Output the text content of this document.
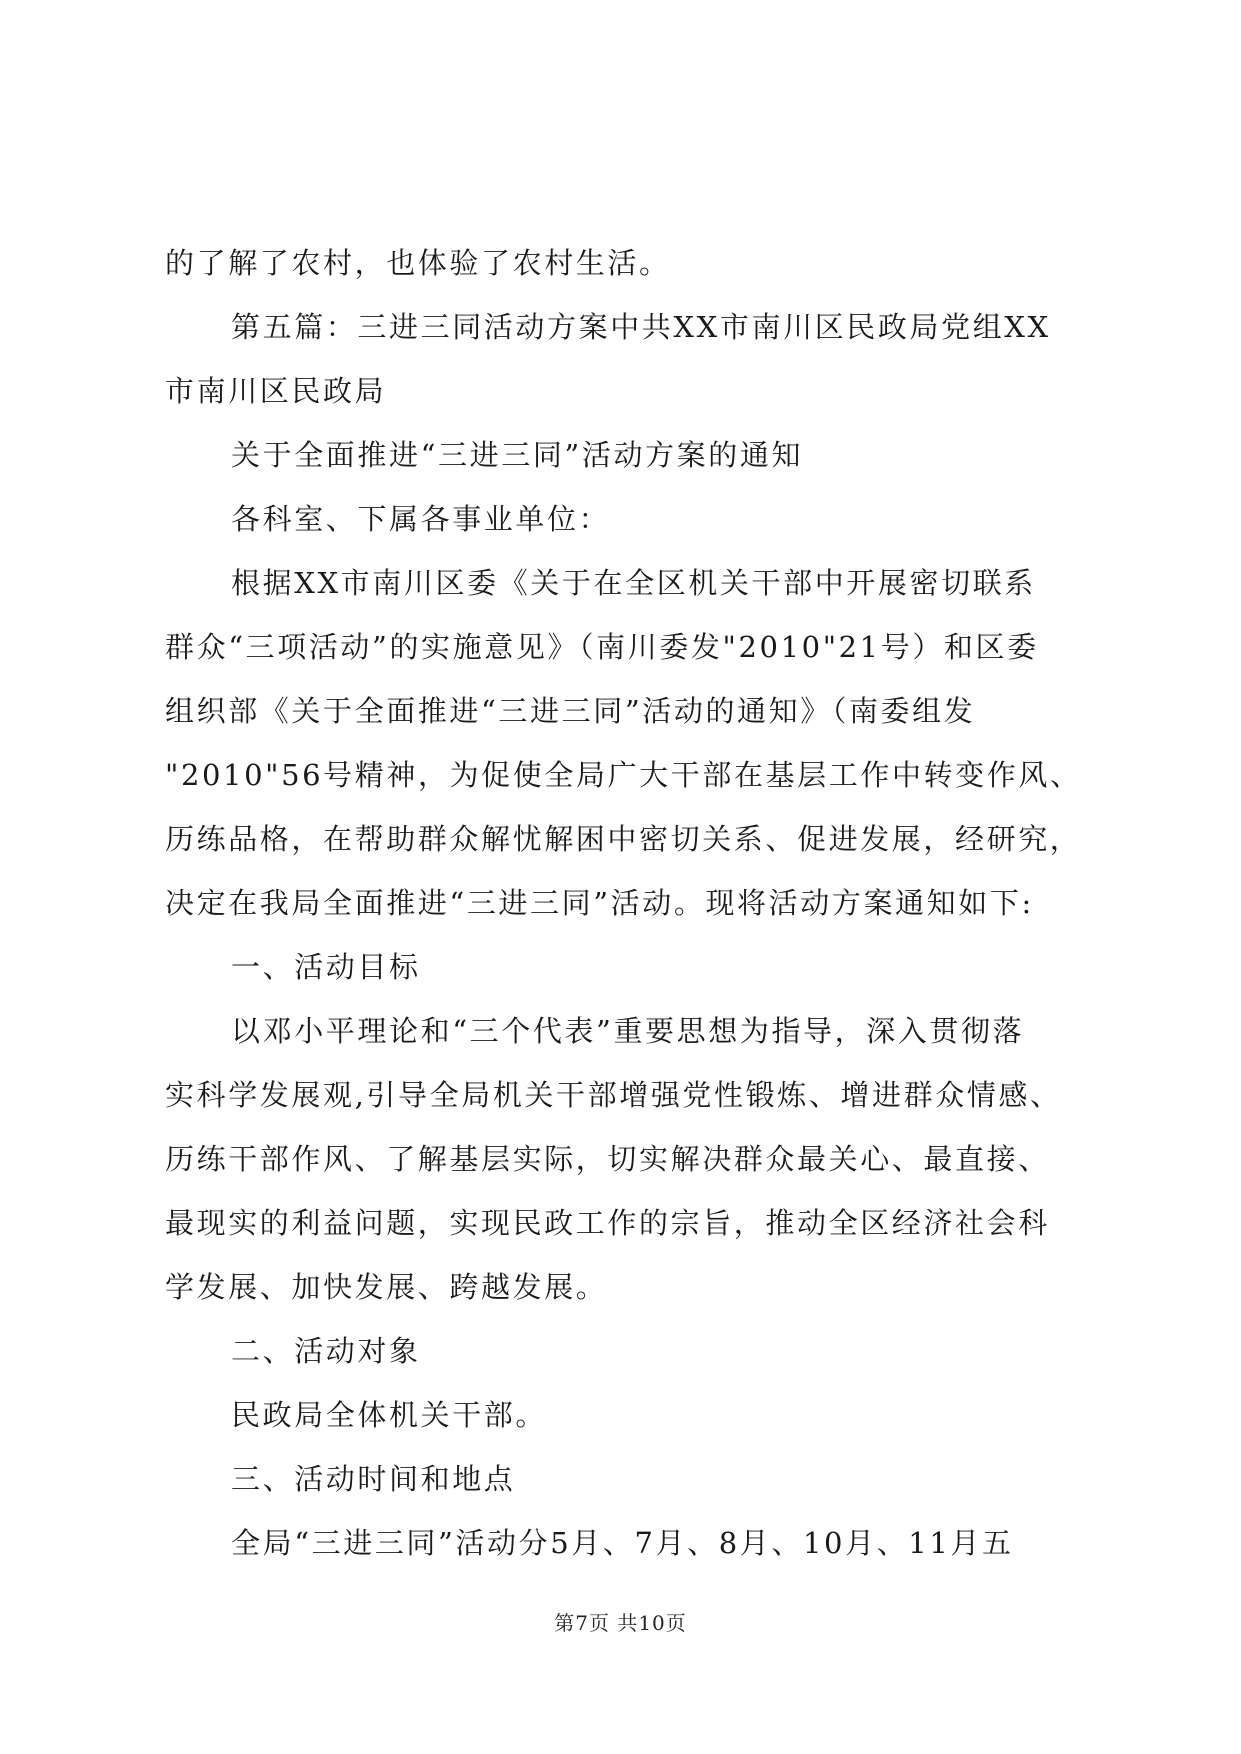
的了解了农村，也体验了农村生活。
第五篇：三进三同活动方案中共XX市南川区民政局党组XX
市南川区民政局
关于全面推进“三进三同”活动方案的通知
各科室、下属各事业单位：
根据XX市南川区委《关于在全区机关干部中开展密切联系
群众“三项活动”的实施意见》（南川委发"2010"21号）和区委
组织部《关于全面推进“三进三同”活动的通知》（南委组发
"2010"56号精神，为促使全局广大干部在基层工作中转变作风、
历练品格，在帮助群众解忧解困中密切关系、促进发展，经研究，
决定在我局全面推进“三进三同”活动。现将活动方案通知如下:
一、活动目标
以邓小平理论和“三个代表”重要思想为指导，深入贯彻落
实科学发展观,引导全局机关干部增强党性锻炼、增进群众情感、
历练干部作风、了解基层实际，切实解决群众最关心、最直接、
最现实的利益问题，实现民政工作的宗旨，推动全区经济社会科
学发展、加快发展、跨越发展。
二、活动对象
民政局全体机关干部。
三、活动时间和地点
全局“三进三同”活动分5月、7月、8月、10月、11月五
第7页 共10页
